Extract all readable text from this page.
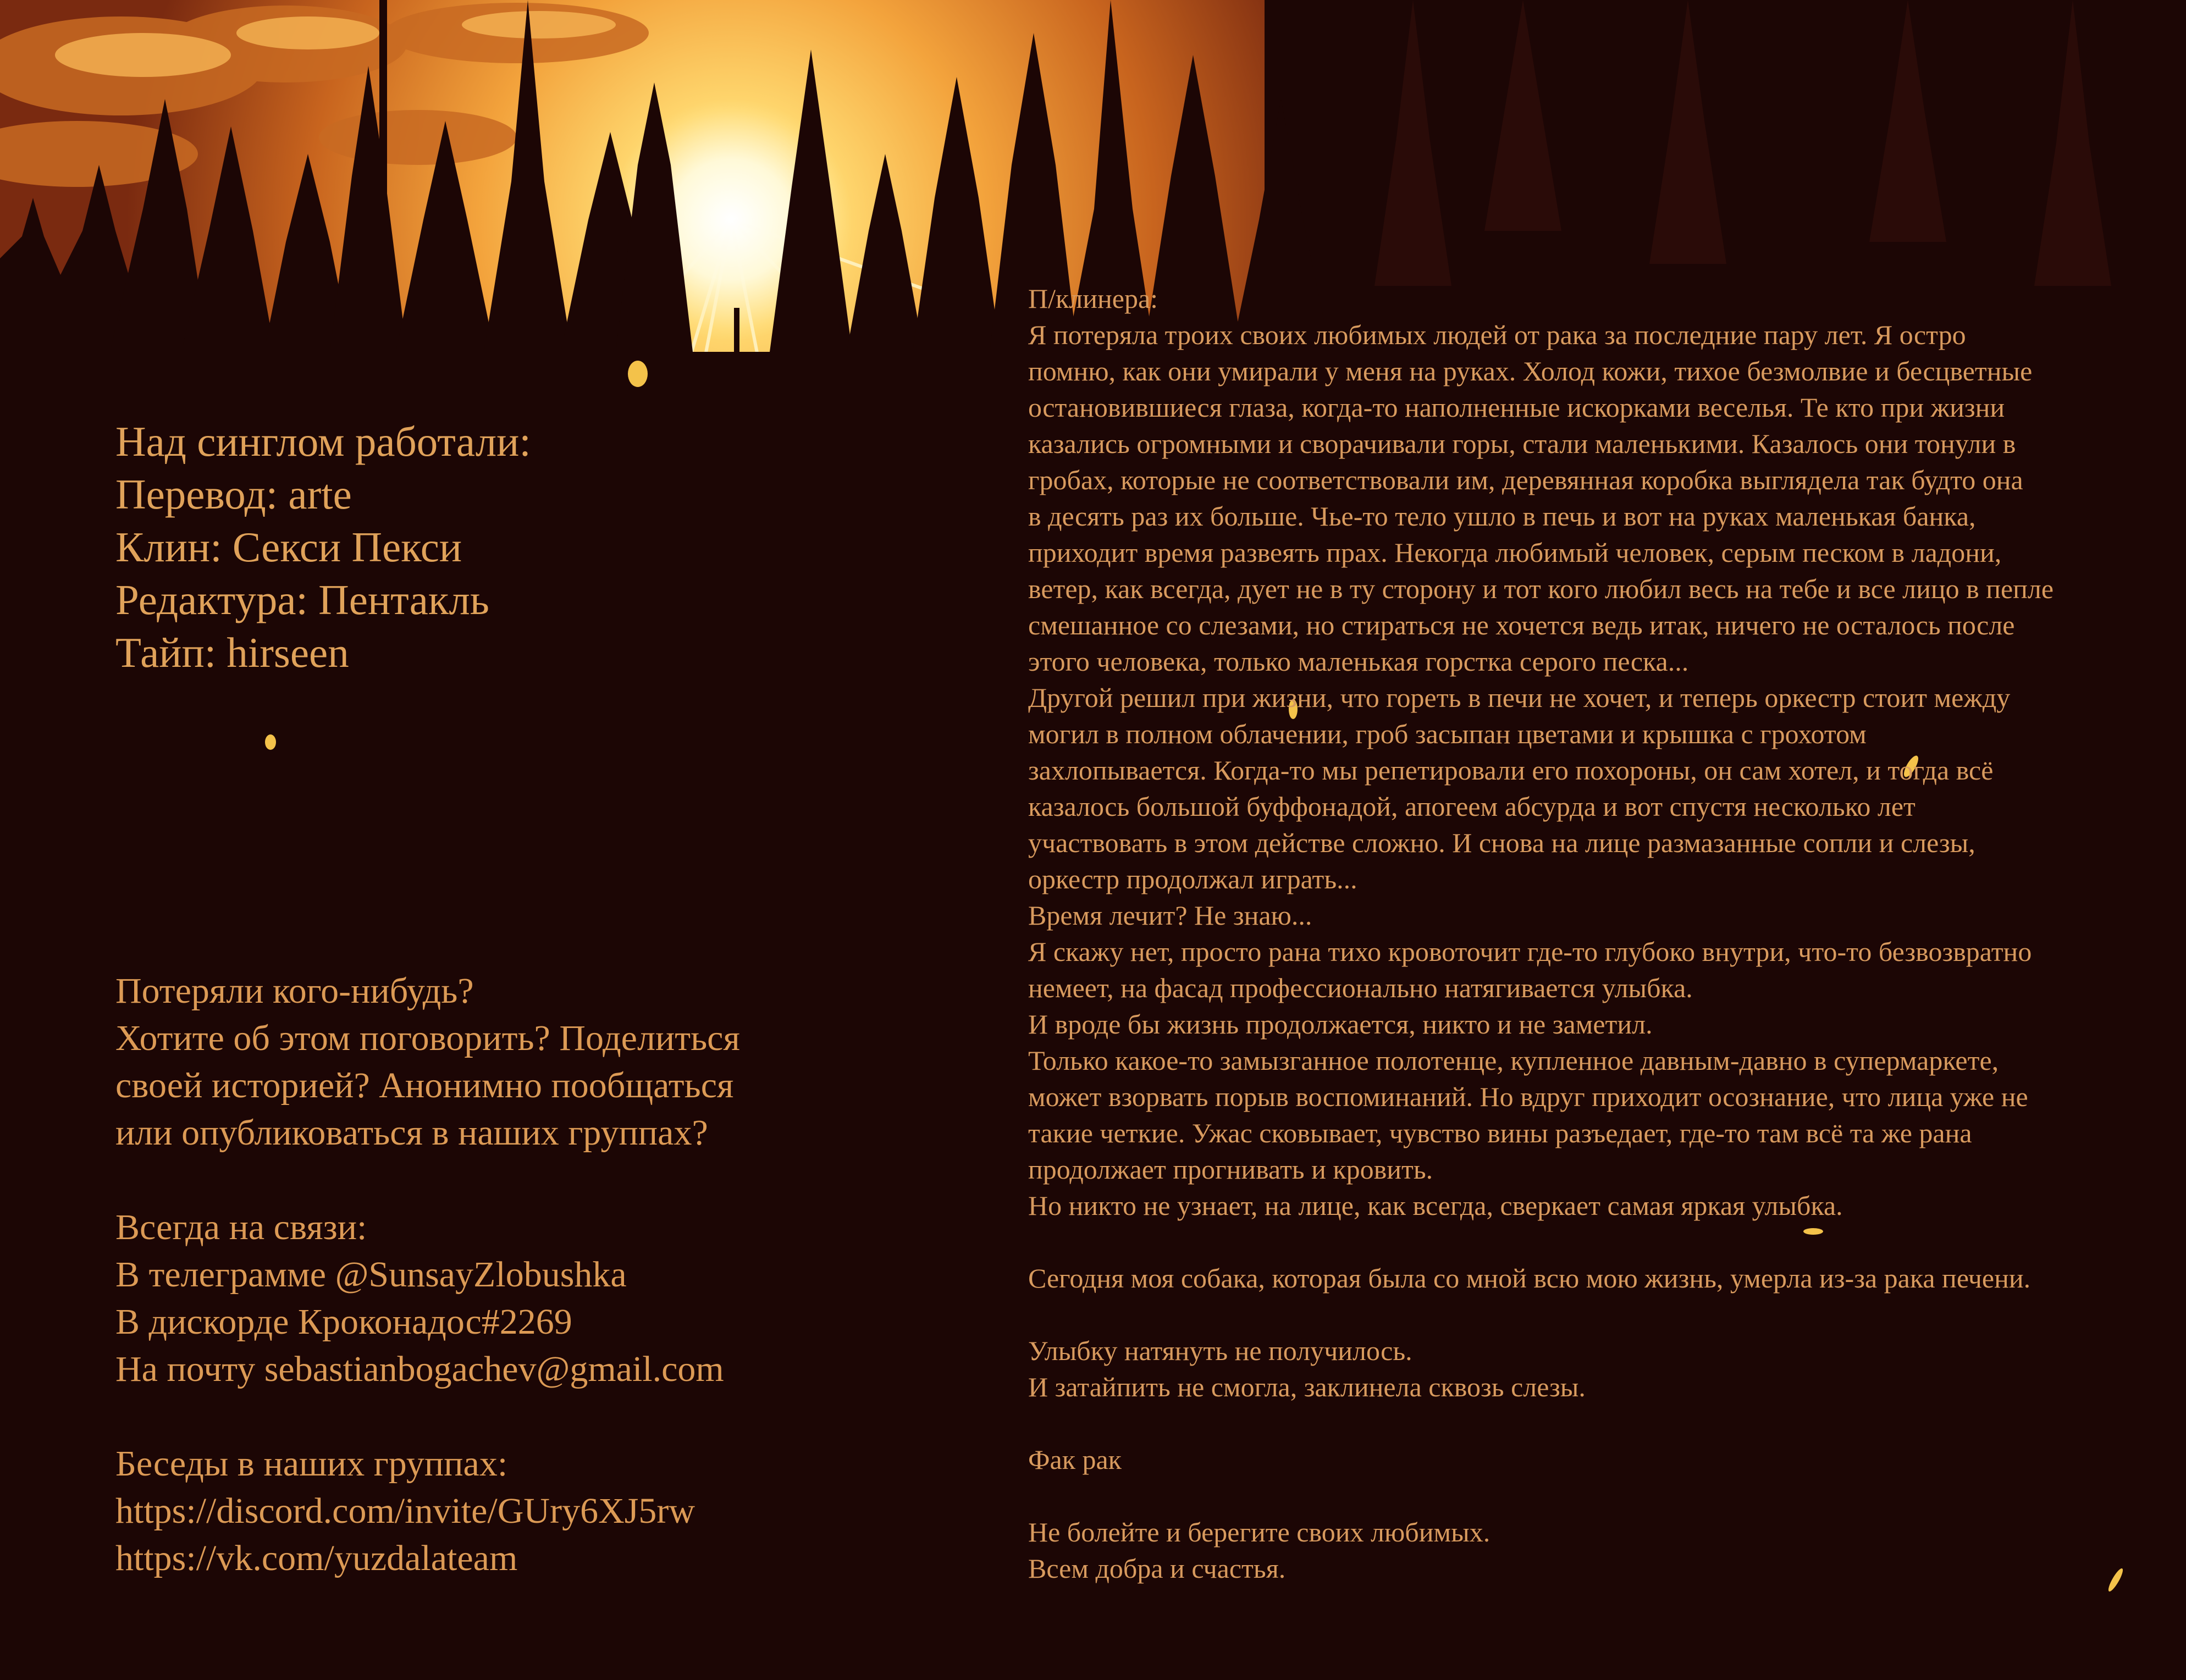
Над синглом работали:
Перевод: arte
Клин: Секси Пекси
Редактура: Пентакль
Тайп: hirseen
Потеряли кого-нибудь?
Хотите об этом поговорить? Поделиться
своей историей? Анонимно пообщаться
или опубликоваться в наших группах?
Всегда на связи:
В телеграмме @SunsayZlobushka
В дискорде Кроконадос#2269
На почту sebastianbogachev@gmail.com
Беседы в наших группах:
https://discord.com/invite/GUry6XJ5rw
https://vk.com/yuzdalateam
П/клинера:
Я потеряла троих своих любимых людей от рака за последние пару лет. Я остро
помню, как они умирали у меня на руках. Холод кожи, тихое безмолвие и бесцветные
остановившиеся глаза, когда-то наполненные искорками веселья. Те кто при жизни
казались огромными и сворачивали горы, стали маленькими. Казалось они тонули в
гробах, которые не соответствовали им, деревянная коробка выглядела так будто она
в десять раз их больше. Чье-то тело ушло в печь и вот на руках маленькая банка,
приходит время развеять прах. Некогда любимый человек, серым песком в ладони,
ветер, как всегда, дует не в ту сторону и тот кого любил весь на тебе и все лицо в пепле
смешанное со слезами, но стираться не хочется ведь итак, ничего не осталось после
этого человека, только маленькая горстка серого песка...
Другой решил при жизни, что гореть в печи не хочет, и теперь оркестр стоит между
могил в полном облачении, гроб засыпан цветами и крышка с грохотом
захлопывается. Когда-то мы репетировали его похороны, он сам хотел, и тогда всё
казалось большой буффонадой, апогеем абсурда и вот спустя несколько лет
участвовать в этом действе сложно. И снова на лице размазанные сопли и слезы,
оркестр продолжал играть...
Время лечит? Не знаю...
Я скажу нет, просто рана тихо кровоточит где-то глубоко внутри, что-то безвозвратно
немеет, на фасад профессионально натягивается улыбка.
И вроде бы жизнь продолжается, никто и не заметил.
Только какое-то замызганное полотенце, купленное давным-давно в супермаркете,
может взорвать порыв воспоминаний. Но вдруг приходит осознание, что лица уже не
такие четкие. Ужас сковывает, чувство вины разъедает, где-то там всё та же рана
продолжает прогнивать и кровить.
Но никто не узнает, на лице, как всегда, сверкает самая яркая улыбка.
Сегодня моя собака, которая была со мной всю мою жизнь, умерла из-за рака печени.
Улыбку натянуть не получилось.
И затайпить не смогла, заклинела сквозь слезы.
Фак рак
Не болейте и берегите своих любимых.
Всем добра и счастья.
